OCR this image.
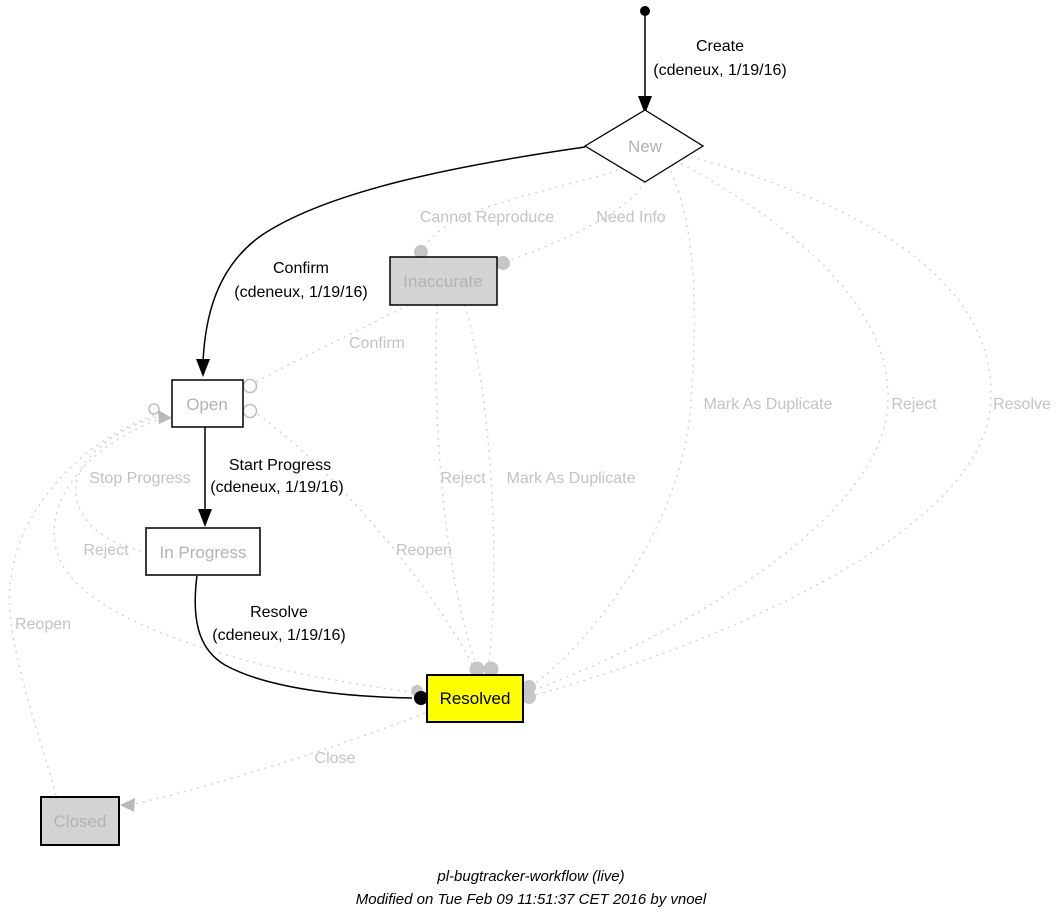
New
Inaccurate
Open
In Progress
Resolved
Closed
Create
(cdeneux, 1/19/16)
Confirm
(cdeneux, 1/19/16)
Start Progress
(cdeneux, 1/19/16)
Resolve
(cdeneux, 1/19/16)
Cannot Reproduce	Need Info
Confirm
Mark As Duplicate	Reject	Resolve
Reject Mark As Duplicate
Reopen
Stop Progress
Reject
Reopen
Close
pl-bugtracker-workflow (live)
Modified on Tue Feb 09 11:51:37 CET 2016 by vnoel
